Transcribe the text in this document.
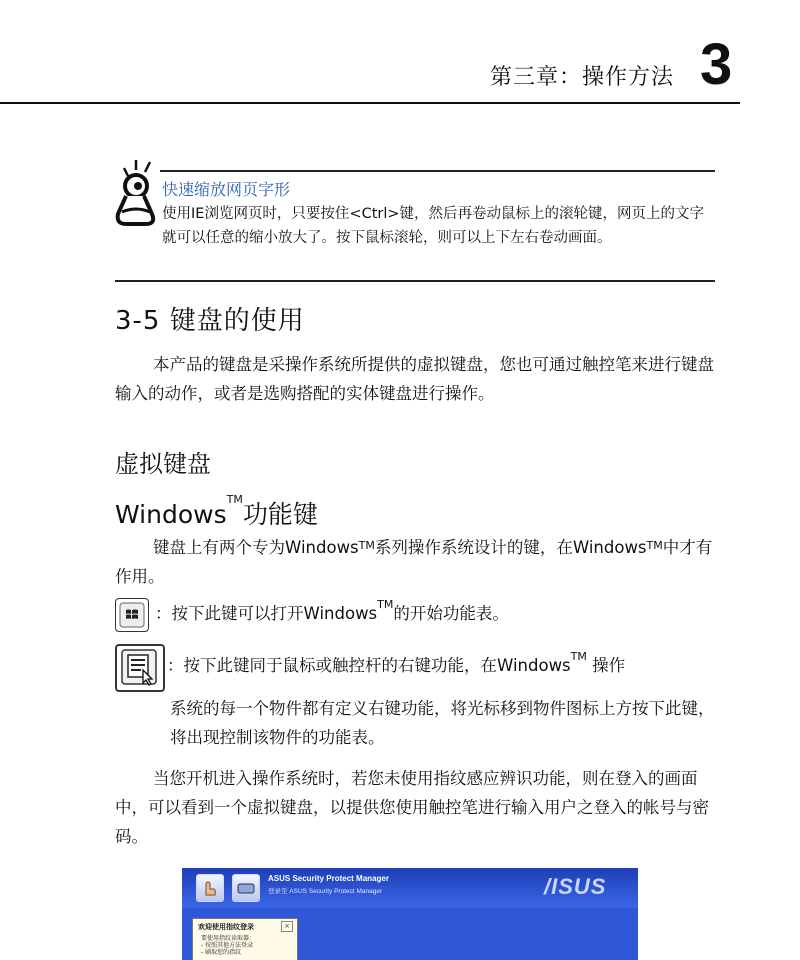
第三章：操作方法 3
快速缩放网页字形
使用IE浏览网页时，只要按住<Ctrl>键，然后再卷动鼠标上的滚轮键，网页上的文字就可以任意的缩小放大了。按下鼠标滚轮，则可以上下左右卷动画面。
3-5 键盘的使用
本产品的键盘是采操作系统所提供的虚拟键盘，您也可通过触控笔来进行键盘输入的动作，或者是选购搭配的实体键盘进行操作。
虚拟键盘
Windows™功能键
键盘上有两个专为Windows™系列操作系统设计的键，在Windows™中才有作用。
：按下此键可以打开Windows™的开始功能表。
：按下此键同于鼠标或触控杆的右键功能，在Windows™ 操作
系统的每一个物件都有定义右键功能，将光标移到物件图标上方按下此键，将出现控制该物件的功能表。
当您开机进入操作系统时，若您未使用指纹感应辨识功能，则在登入的画面中，可以看到一个虚拟键盘，以提供您使用触控笔进行输入用户之登入的帐号与密码。
ASUS Security Protect Manager
登录至 ASUS Security Protect Manager	/ISUS
欢迎使用指纹登录	×
要使用指纹读取器：
- 按照其他方法登录
- 刷取您的指纹
